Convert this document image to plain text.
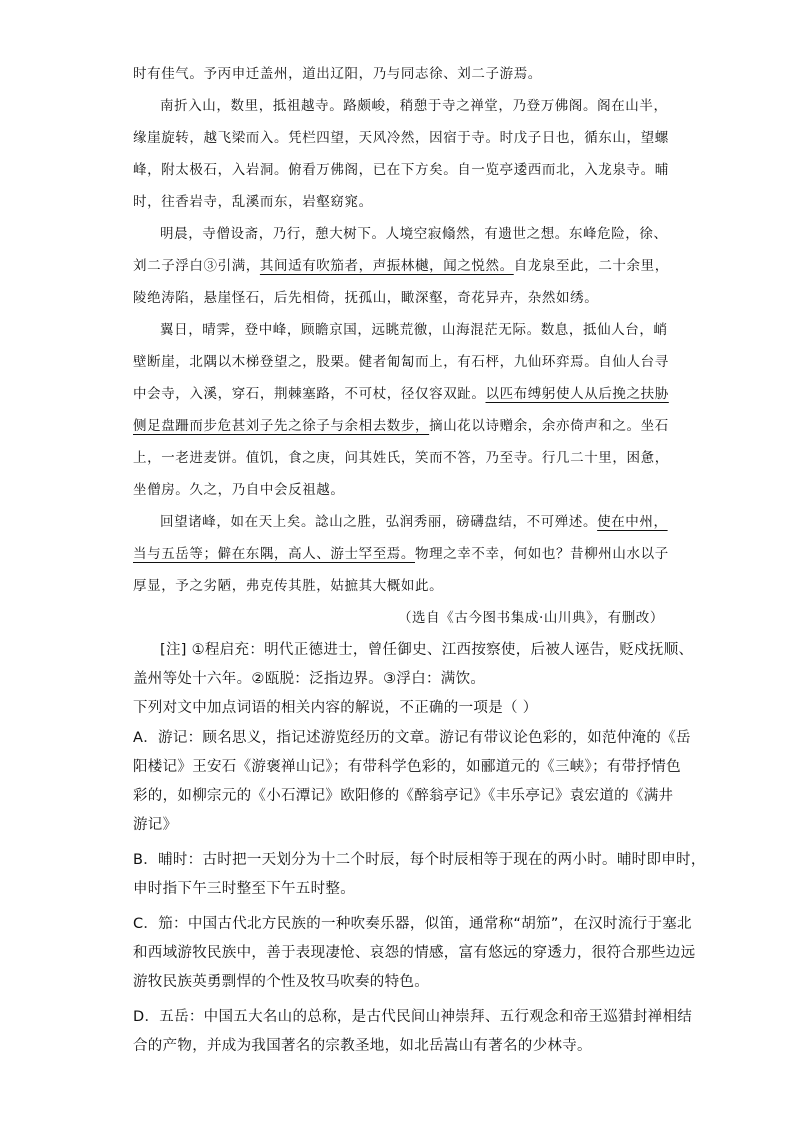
时有佳气。予丙申迁盖州，道出辽阳，乃与同志徐、刘二子游焉。
南折入山，数里，抵祖越寺。路颇峻，稍憩于寺之禅堂，乃登万佛阁。阁在山半，
缘崖旋转，越飞梁而入。凭栏四望，天风冷然，因宿于寺。时戊子日也，循东山，望螺
峰，附太极石，入岩洞。俯看万佛阁，已在下方矣。自一览亭逶西而北，入龙泉寺。晡
时，往香岩寺，乱溪而东，岩壑窈窕。
明晨，寺僧设斋，乃行，憩大树下。人境空寂翛然，有遗世之想。东峰危险，徐、
刘二子浮白③引满，其间适有吹笳者，声振林樾，闻之悦然。自龙泉至此，二十余里，
陵绝涛陷，悬崖怪石，后先相倚，抚孤山，瞰深壑，奇花异卉，杂然如绣。
翼日，晴霁，登中峰，顾瞻京国，远眺荒徼，山海混茫无际。数息，抵仙人台，峭
壁断崖，北隅以木梯登望之，股栗。健者匍匐而上，有石枰，九仙环弈焉。自仙人台寻
中会寺，入溪，穿石，荆棘塞路，不可杖，径仅容双趾。以匹布缚躬使人从后挽之扶胁
侧足盘跚而步危甚刘子先之徐子与余相去数步，摘山花以诗赠余，余亦倚声和之。坐石
上，一老进麦饼。值饥，食之庚，问其姓氏，笑而不答，乃至寺。行几二十里，困惫，
坐僧房。久之，乃自中会反祖越。
回望诸峰，如在天上矣。諗山之胜，弘润秀丽，磅礴盘结，不可殚述。使在中州，
当与五岳等；僻在东隅，高人、游士罕至焉。物理之幸不幸，何如也？昔柳州山水以子
厚显，予之劣陋，弗克传其胜，姑摭其大概如此。
（选自《古今图书集成·山川典》，有删改）
[注] ①程启充：明代正德进士，曾任御史、江西按察使，后被人诬告，贬戍抚顺、
盖州等处十六年。②瓯脱：泛指边界。③浮白：满饮。
下列对文中加点词语的相关内容的解说，不正确的一项是（ ）
A．游记：顾名思义，指记述游览经历的文章。游记有带议论色彩的，如范仲淹的《岳
阳楼记》王安石《游褒禅山记》；有带科学色彩的，如郦道元的《三峡》；有带抒情色
彩的，如柳宗元的《小石潭记》欧阳修的《醉翁亭记》《丰乐亭记》袁宏道的《满井
游记》
B．晡时：古时把一天划分为十二个时辰，每个时辰相等于现在的两小时。晡时即申时，
申时指下午三时整至下午五时整。
C．笳：中国古代北方民族的一种吹奏乐器，似笛，通常称“胡笳”，在汉时流行于塞北
和西域游牧民族中，善于表现凄怆、哀怨的情感，富有悠远的穿透力，很符合那些边远
游牧民族英勇剽悍的个性及牧马吹奏的特色。
D．五岳：中国五大名山的总称，是古代民间山神崇拜、五行观念和帝王巡猎封禅相结
合的产物，并成为我国著名的宗教圣地，如北岳嵩山有著名的少林寺。
